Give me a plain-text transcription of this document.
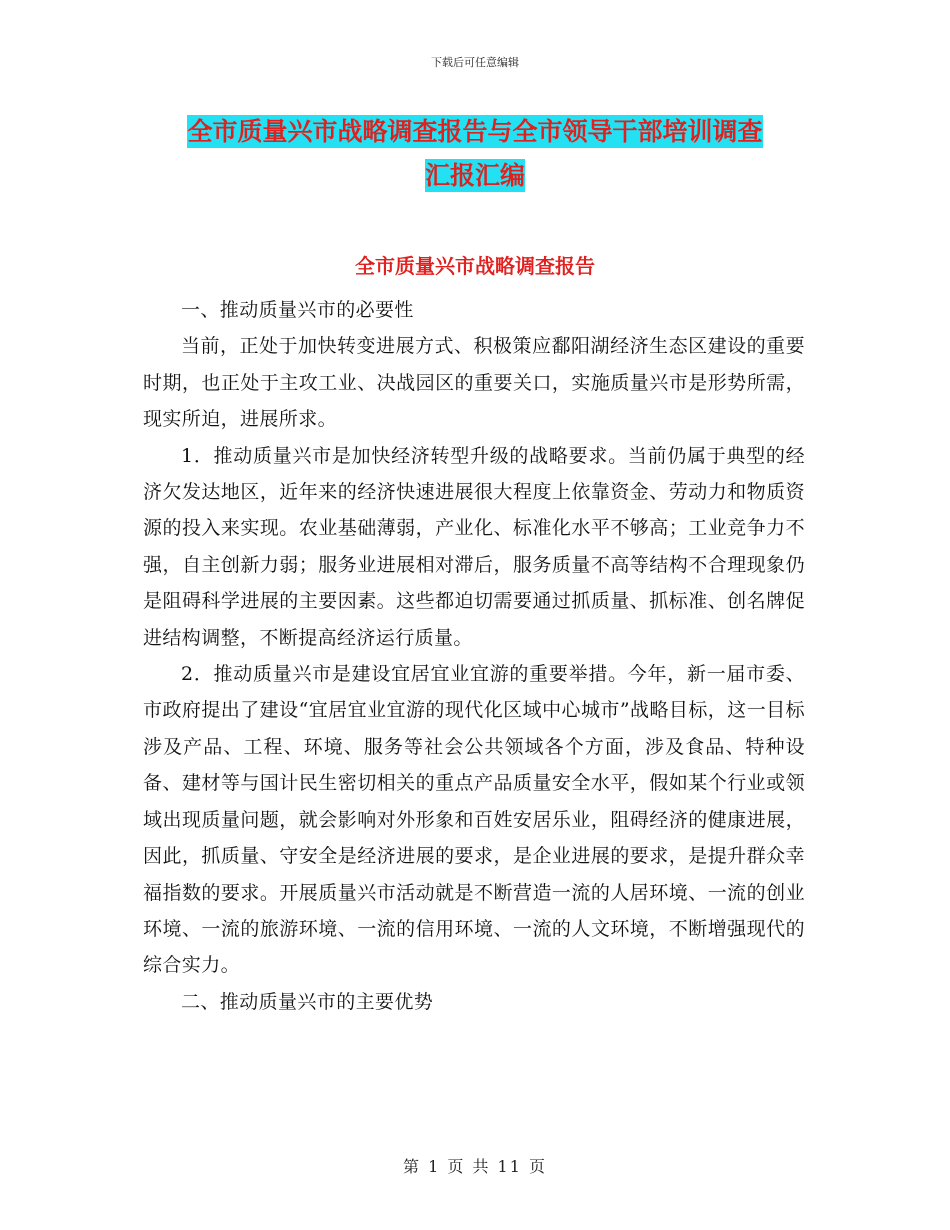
下载后可任意编辑
全市质量兴市战略调查报告与全市领导干部培训调查
汇报汇编
全市质量兴市战略调查报告

一、推动质量兴市的必要性

当前，正处于加快转变进展方式、积极策应鄱阳湖经济生态区建设的重要时期，也正处于主攻工业、决战园区的重要关口，实施质量兴市是形势所需，现实所迫，进展所求。

1．推动质量兴市是加快经济转型升级的战略要求。当前仍属于典型的经济欠发达地区，近年来的经济快速进展很大程度上依靠资金、劳动力和物质资源的投入来实现。农业基础薄弱，产业化、标准化水平不够高；工业竞争力不强，自主创新力弱；服务业进展相对滞后，服务质量不高等结构不合理现象仍是阻碍科学进展的主要因素。这些都迫切需要通过抓质量、抓标准、创名牌促进结构调整，不断提高经济运行质量。

2．推动质量兴市是建设宜居宜业宜游的重要举措。今年，新一届市委、市政府提出了建设“宜居宜业宜游的现代化区域中心城市”战略目标，这一目标涉及产品、工程、环境、服务等社会公共领域各个方面，涉及食品、特种设备、建材等与国计民生密切相关的重点产品质量安全水平，假如某个行业或领域出现质量问题，就会影响对外形象和百姓安居乐业，阻碍经济的健康进展，因此，抓质量、守安全是经济进展的要求，是企业进展的要求，是提升群众幸福指数的要求。开展质量兴市活动就是不断营造一流的人居环境、一流的创业环境、一流的旅游环境、一流的信用环境、一流的人文环境，不断增强现代的综合实力。

二、推动质量兴市的主要优势

第 1 页 共 11 页
